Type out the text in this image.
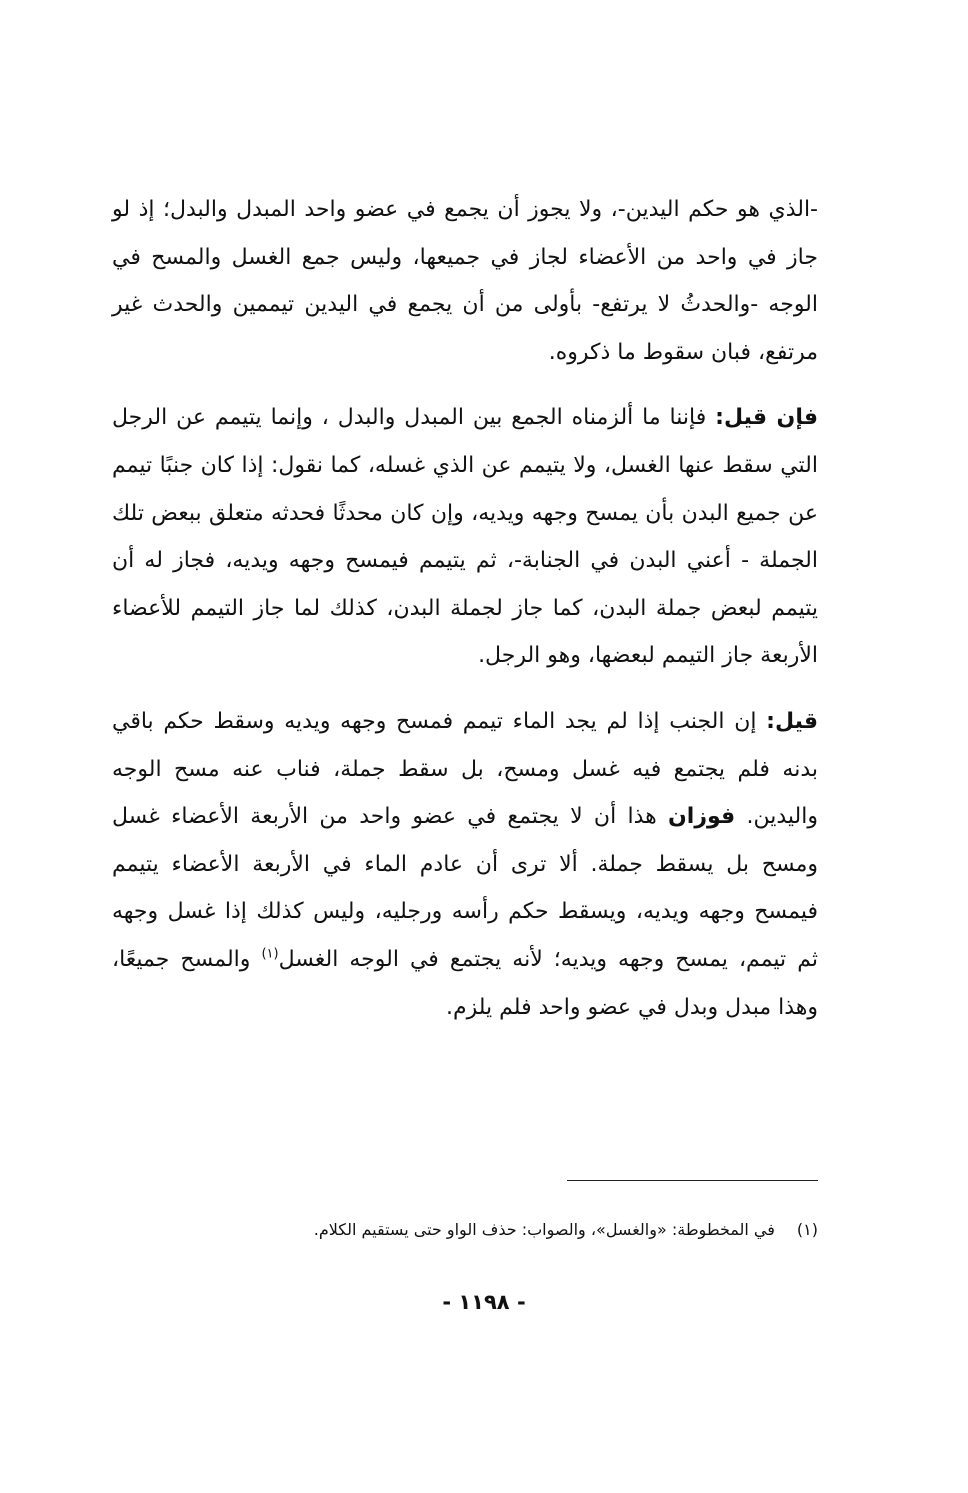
-الذي هو حكم اليدين-، ولا يجوز أن يجمع في عضو واحد المبدل والبدل؛ إذ لو جاز في واحد من الأعضاء لجاز في جميعها، وليس جمع الغسل والمسح في الوجه -والحدثُ لا يرتفع- بأولى من أن يجمع في اليدين تيممين والحدث غير مرتفع، فبان سقوط ما ذكروه.

فإن قيل: فإننا ما ألزمناه الجمع بين المبدل والبدل ، وإنما يتيمم عن الرجل التي سقط عنها الغسل، ولا يتيمم عن الذي غسله، كما نقول: إذا كان جنبًا تيمم عن جميع البدن بأن يمسح وجهه ويديه، وإن كان محدثًا فحدثه متعلق ببعض تلك الجملة - أعني البدن في الجنابة-، ثم يتيمم فيمسح وجهه ويديه، فجاز له أن يتيمم لبعض جملة البدن، كما جاز لجملة البدن، كذلك لما جاز التيمم للأعضاء الأربعة جاز التيمم لبعضها، وهو الرجل.

قيل: إن الجنب إذا لم يجد الماء تيمم فمسح وجهه ويديه وسقط حكم باقي بدنه فلم يجتمع فيه غسل ومسح، بل سقط جملة، فناب عنه مسح الوجه واليدين. فوزان هذا أن لا يجتمع في عضو واحد من الأربعة الأعضاء غسل ومسح بل يسقط جملة. ألا ترى أن عادم الماء في الأربعة الأعضاء يتيمم فيمسح وجهه ويديه، ويسقط حكم رأسه ورجليه، وليس كذلك إذا غسل وجهه ثم تيمم، يمسح وجهه ويديه؛ لأنه يجتمع في الوجه الغسل$^{(١)}$ والمسح جميعًا، وهذا مبدل وبدل في عضو واحد فلم يلزم.

(١)في المخطوطة: «والغسل»، والصواب: حذف الواو حتى يستقيم الكلام.
- ١١٩٨ -
